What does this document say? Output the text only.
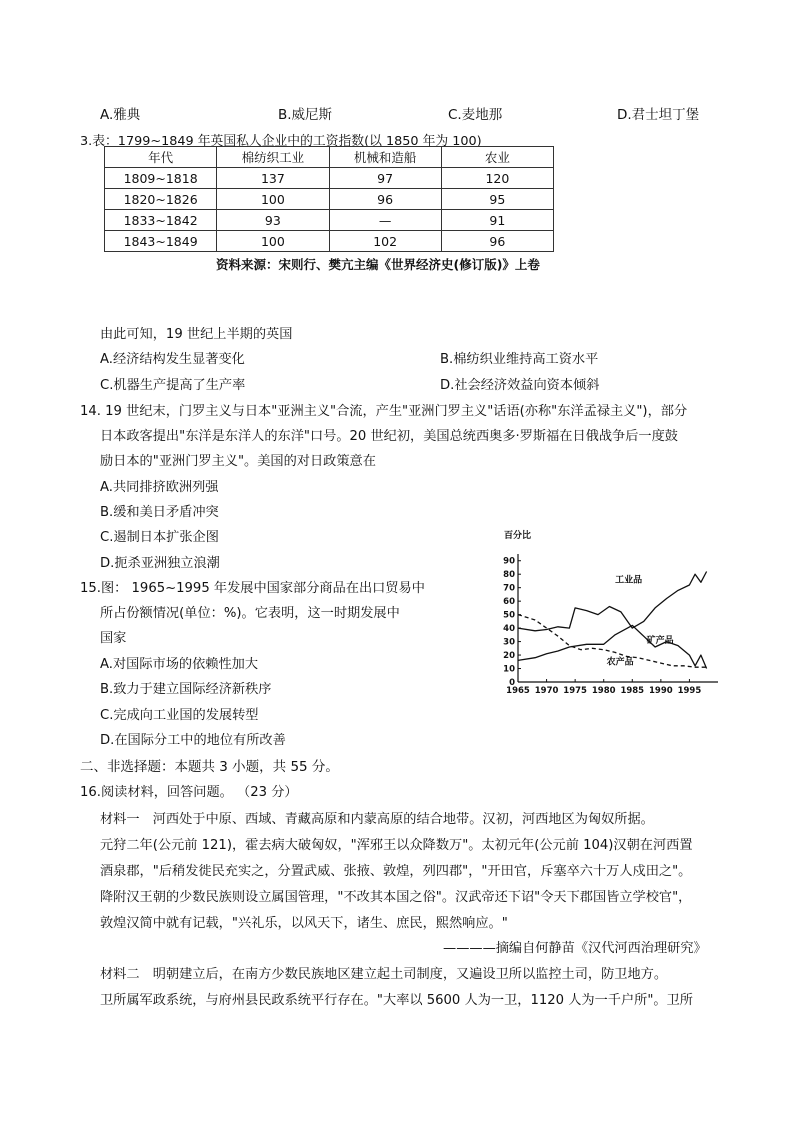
A.雅典	B.威尼斯	C.麦地那	D.君士坦丁堡
3.表：1799~1849 年英国私人企业中的工资指数(以 1850 年为 100)
年代	棉纺织工业	机械和造船	农业
1809~1818	137	97	120
1820~1826	100	96	95
1833~1842	93	—	91
1843~1849	100	102	96
资料来源：宋则行、樊亢主编《世界经济史(修订版)》上卷
由此可知，19 世纪上半期的英国
A.经济结构发生显著变化	B.棉纺织业维持高工资水平
C.机器生产提高了生产率	D.社会经济效益向资本倾斜
14. 19 世纪末，门罗主义与日本"亚洲主义"合流，产生"亚洲门罗主义"话语(亦称"东洋孟禄主义")，部分
日本政客提出"东洋是东洋人的东洋"口号。20 世纪初，美国总统西奥多·罗斯福在日俄战争后一度鼓
励日本的"亚洲门罗主义"。美国的对日政策意在
A.共同排挤欧洲列强
B.缓和美日矛盾冲突
C.遏制日本扩张企图
D.扼杀亚洲独立浪潮
15.图： 1965~1995 年发展中国家部分商品在出口贸易中
所占份额情况(单位：%)。它表明，这一时期发展中
国家
A.对国际市场的依赖性加大
B.致力于建立国际经济新秩序
C.完成向工业国的发展转型
D.在国际分工中的地位有所改善
百分比
0
10
20
30
40
50
60
70
80
90
1965 1970 1975 1980 1985 1990 1995
工业品
矿产品
农产品
二、非选择题：本题共 3 小题，共 55 分。
16.阅读材料，回答问题。 （23 分）
材料一　河西处于中原、西域、青藏高原和内蒙高原的结合地带。汉初，河西地区为匈奴所据。
元狩二年(公元前 121)，霍去病大破匈奴，"浑邪王以众降数万"。太初元年(公元前 104)汉朝在河西置
酒泉郡，"后稍发徙民充实之，分置武威、张掖、敦煌，列四郡"，"开田官，斥塞卒六十万人戍田之"。
降附汉王朝的少数民族则设立属国管理，"不改其本国之俗"。汉武帝还下诏"令天下郡国皆立学校官"，
敦煌汉简中就有记载，"兴礼乐，以风天下，诸生、庶民，熙然响应。"
————摘编自何静苗《汉代河西治理研究》
材料二　明朝建立后，在南方少数民族地区建立起土司制度，又遍设卫所以监控土司，防卫地方。
卫所属军政系统，与府州县民政系统平行存在。"大率以 5600 人为一卫，1120 人为一千户所"。卫所
